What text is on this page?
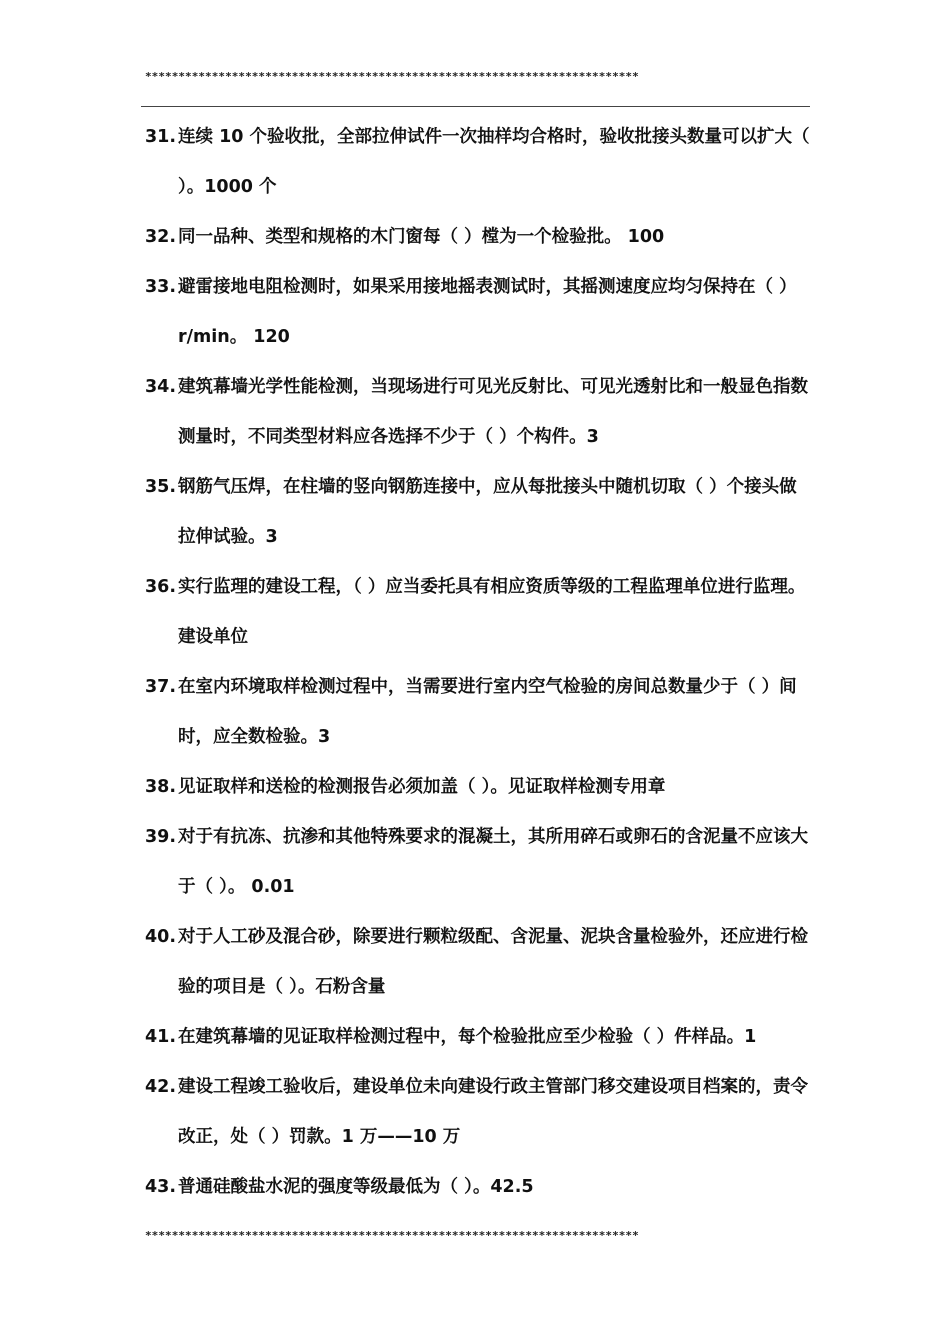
**************************************************************************
31. 连续 10 个验收批，全部拉伸试件一次抽样均合格时，验收批接头数量可以扩大（ ）。1000 个
32. 同一品种、类型和规格的木门窗每（ ）樘为一个检验批。 100
33. 避雷接地电阻检测时，如果采用接地摇表测试时，其摇测速度应均匀保持在（ ）r/min。 120
34. 建筑幕墙光学性能检测，当现场进行可见光反射比、可见光透射比和一般显色指数测量时，不同类型材料应各选择不少于（ ）个构件。3
35. 钢筋气压焊，在柱墙的竖向钢筋连接中，应从每批接头中随机切取（ ）个接头做拉伸试验。3
36. 实行监理的建设工程，（ ）应当委托具有相应资质等级的工程监理单位进行监理。建设单位
37. 在室内环境取样检测过程中，当需要进行室内空气检验的房间总数量少于（ ）间时，应全数检验。3
38. 见证取样和送检的检测报告必须加盖（ ）。见证取样检测专用章
39. 对于有抗冻、抗渗和其他特殊要求的混凝土，其所用碎石或卵石的含泥量不应该大于（ ）。 0.01
40. 对于人工砂及混合砂，除要进行颗粒级配、含泥量、泥块含量检验外，还应进行检验的项目是（ ）。石粉含量
41. 在建筑幕墙的见证取样检测过程中，每个检验批应至少检验（ ）件样品。1
42. 建设工程竣工验收后，建设单位未向建设行政主管部门移交建设项目档案的，责令改正，处（ ）罚款。1 万——10 万
43. 普通硅酸盐水泥的强度等级最低为（ ）。42.5
**************************************************************************
